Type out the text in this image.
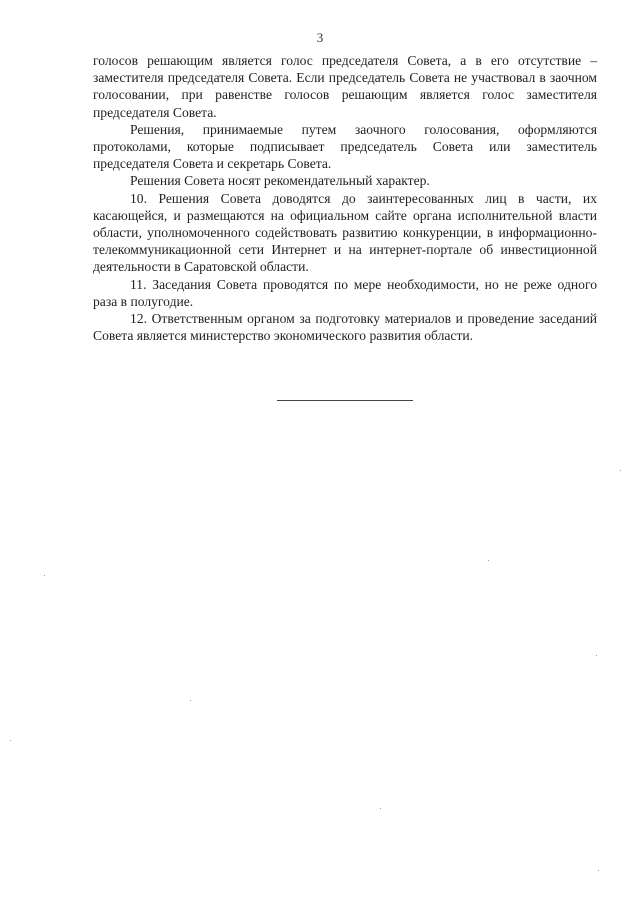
3

голосов решающим является голос председателя Совета, а в его отсутствие – заместителя председателя Совета. Если председатель Совета не участвовал в заочном голосовании, при равенстве голосов решающим является голос заместителя председателя Совета.

Решения, принимаемые путем заочного голосования, оформляются протоколами, которые подписывает председатель Совета или заместитель председателя Совета и секретарь Совета.

Решения Совета носят рекомендательный характер.

10. Решения Совета доводятся до заинтересованных лиц в части, их касающейся, и размещаются на официальном сайте органа исполнительной власти области, уполномоченного содействовать развитию конкуренции, в информационно-телекоммуникационной сети Интернет и на интернет-портале об инвестиционной деятельности в Саратовской области.

11. Заседания Совета проводятся по мере необходимости, но не реже одного раза в полугодие.

12. Ответственным органом за подготовку материалов и проведение заседаний Совета является министерство экономического развития области.
